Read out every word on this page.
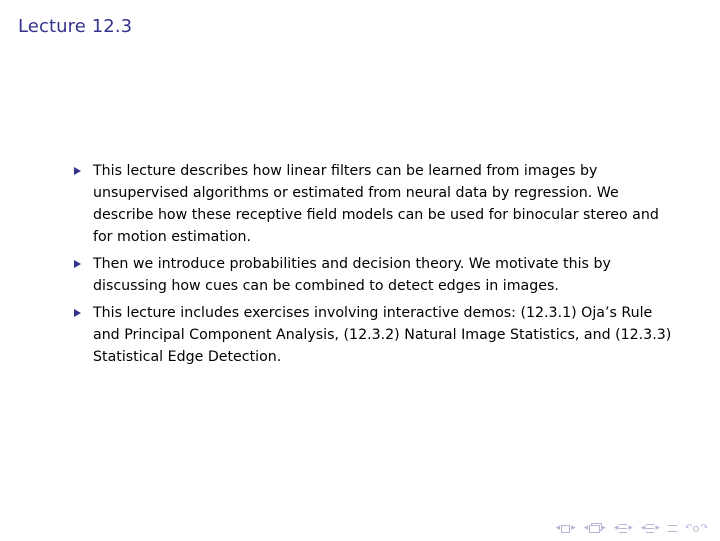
Lecture 12.3
This lecture describes how linear filters can be learned from images by unsupervised algorithms or estimated from neural data by regression. We describe how these receptive field models can be used for binocular stereo and for motion estimation.
Then we introduce probabilities and decision theory. We motivate this by discussing how cues can be combined to detect edges in images.
This lecture includes exercises involving interactive demos: (12.3.1) Oja’s Rule and Principal Component Analysis, (12.3.2) Natural Image Statistics, and (12.3.3) Statistical Edge Detection.
◂ ▸ ◂ ▸ ◂ ▸ ◂ ▸	↶ ↷
